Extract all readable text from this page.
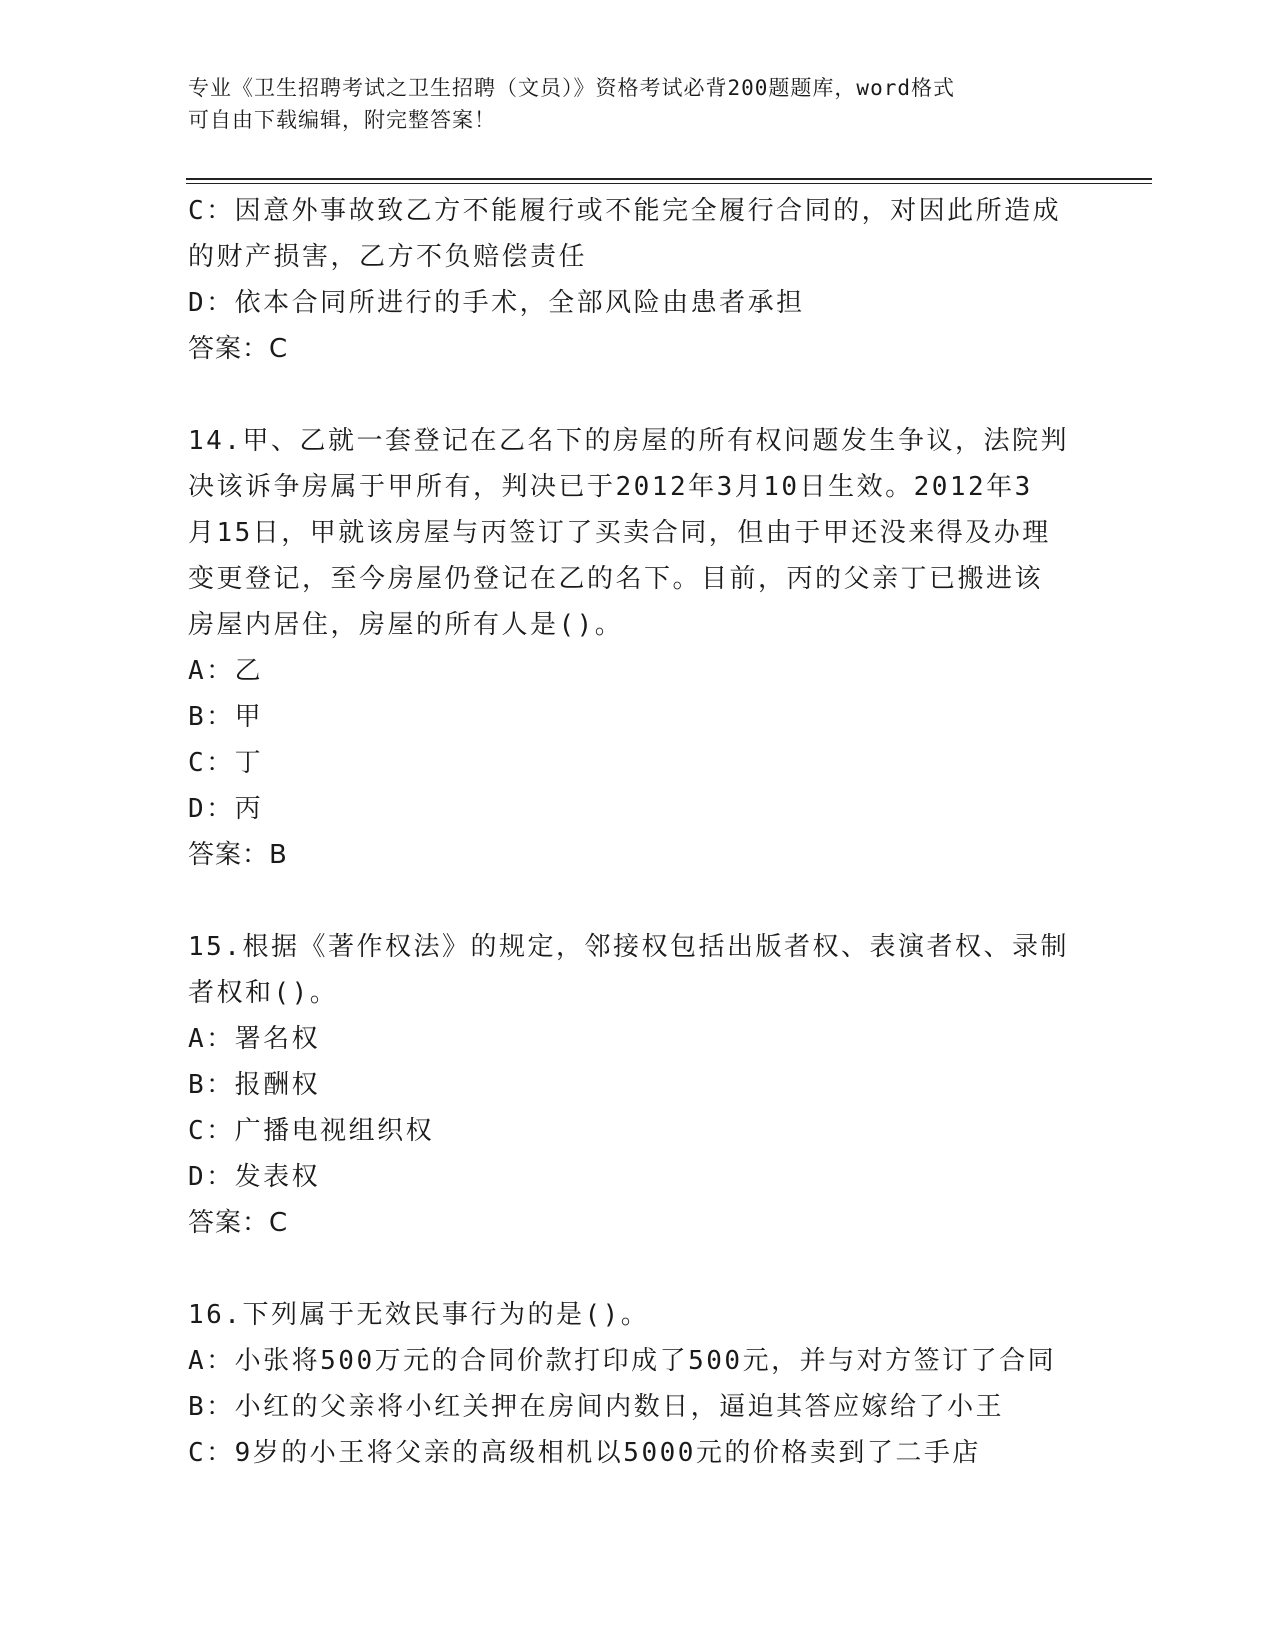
专业《卫生招聘考试之卫生招聘（文员）》资格考试必背200题题库，word格式
可自由下载编辑，附完整答案！
C：因意外事故致乙方不能履行或不能完全履行合同的，对因此所造成
的财产损害，乙方不负赔偿责任
D：依本合同所进行的手术，全部风险由患者承担
答案：C
14.甲、乙就一套登记在乙名下的房屋的所有权问题发生争议，法院判
决该诉争房属于甲所有，判决已于2012年3月10日生效。2012年3
月15日，甲就该房屋与丙签订了买卖合同，但由于甲还没来得及办理
变更登记，至今房屋仍登记在乙的名下。目前，丙的父亲丁已搬进该
房屋内居住，房屋的所有人是()。
A：乙
B：甲
C：丁
D：丙
答案：B
15.根据《著作权法》的规定，邻接权包括出版者权、表演者权、录制
者权和()。
A：署名权
B：报酬权
C：广播电视组织权
D：发表权
答案：C
16.下列属于无效民事行为的是()。
A：小张将500万元的合同价款打印成了500元，并与对方签订了合同
B：小红的父亲将小红关押在房间内数日，逼迫其答应嫁给了小王
C：9岁的小王将父亲的高级相机以5000元的价格卖到了二手店
